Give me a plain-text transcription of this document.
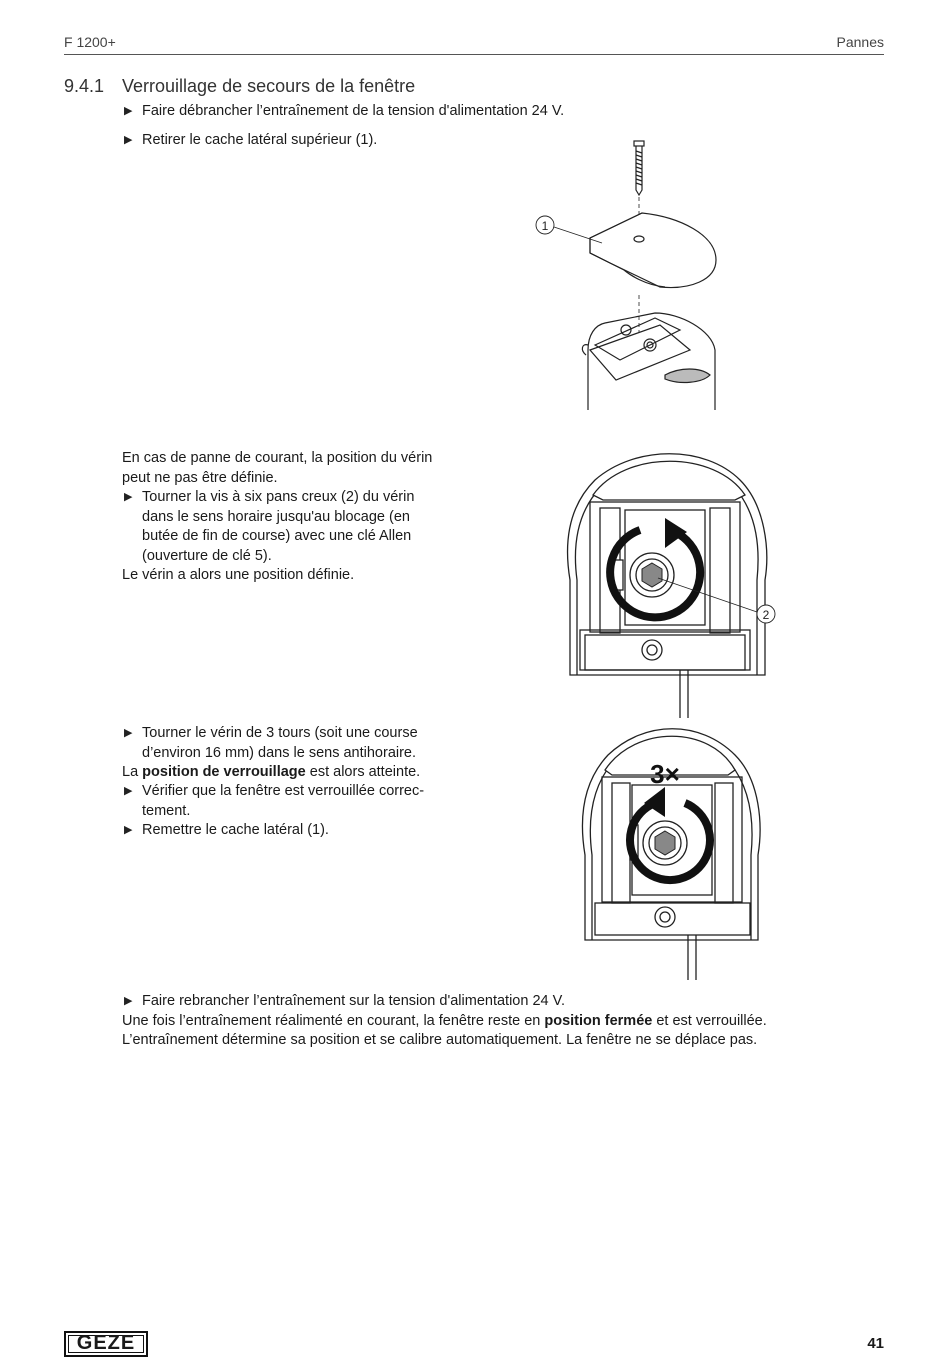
F 1200+	Pannes
9.4.1 Verrouillage de secours de la fenêtre
▶ Faire débrancher l’entraînement de la tension d'alimentation 24 V.
▶ Retirer le cache latéral supérieur (1).
1
En cas de panne de courant, la position du vérin
peut ne pas être définie.
▶ Tourner la vis à six pans creux (2) du vérin
dans le sens horaire jusqu'au blocage (en
butée de fin de course) avec une clé Allen
(ouverture de clé 5).
Le vérin a alors une position définie.
2
▶ Tourner le vérin de 3 tours (soit une course
d’environ 16 mm) dans le sens antihoraire.
La position de verrouillage est alors atteinte.
▶ Vérifier que la fenêtre est verrouillée correc-
tement.
▶ Remettre le cache latéral (1).
3×
▶ Faire rebrancher l’entraînement sur la tension d'alimentation 24 V.
Une fois l’entraînement réalimenté en courant, la fenêtre reste en position fermée et est verrouillée.
L’entraînement détermine sa position et se calibre automatiquement. La fenêtre ne se déplace pas.
GEZE	41
